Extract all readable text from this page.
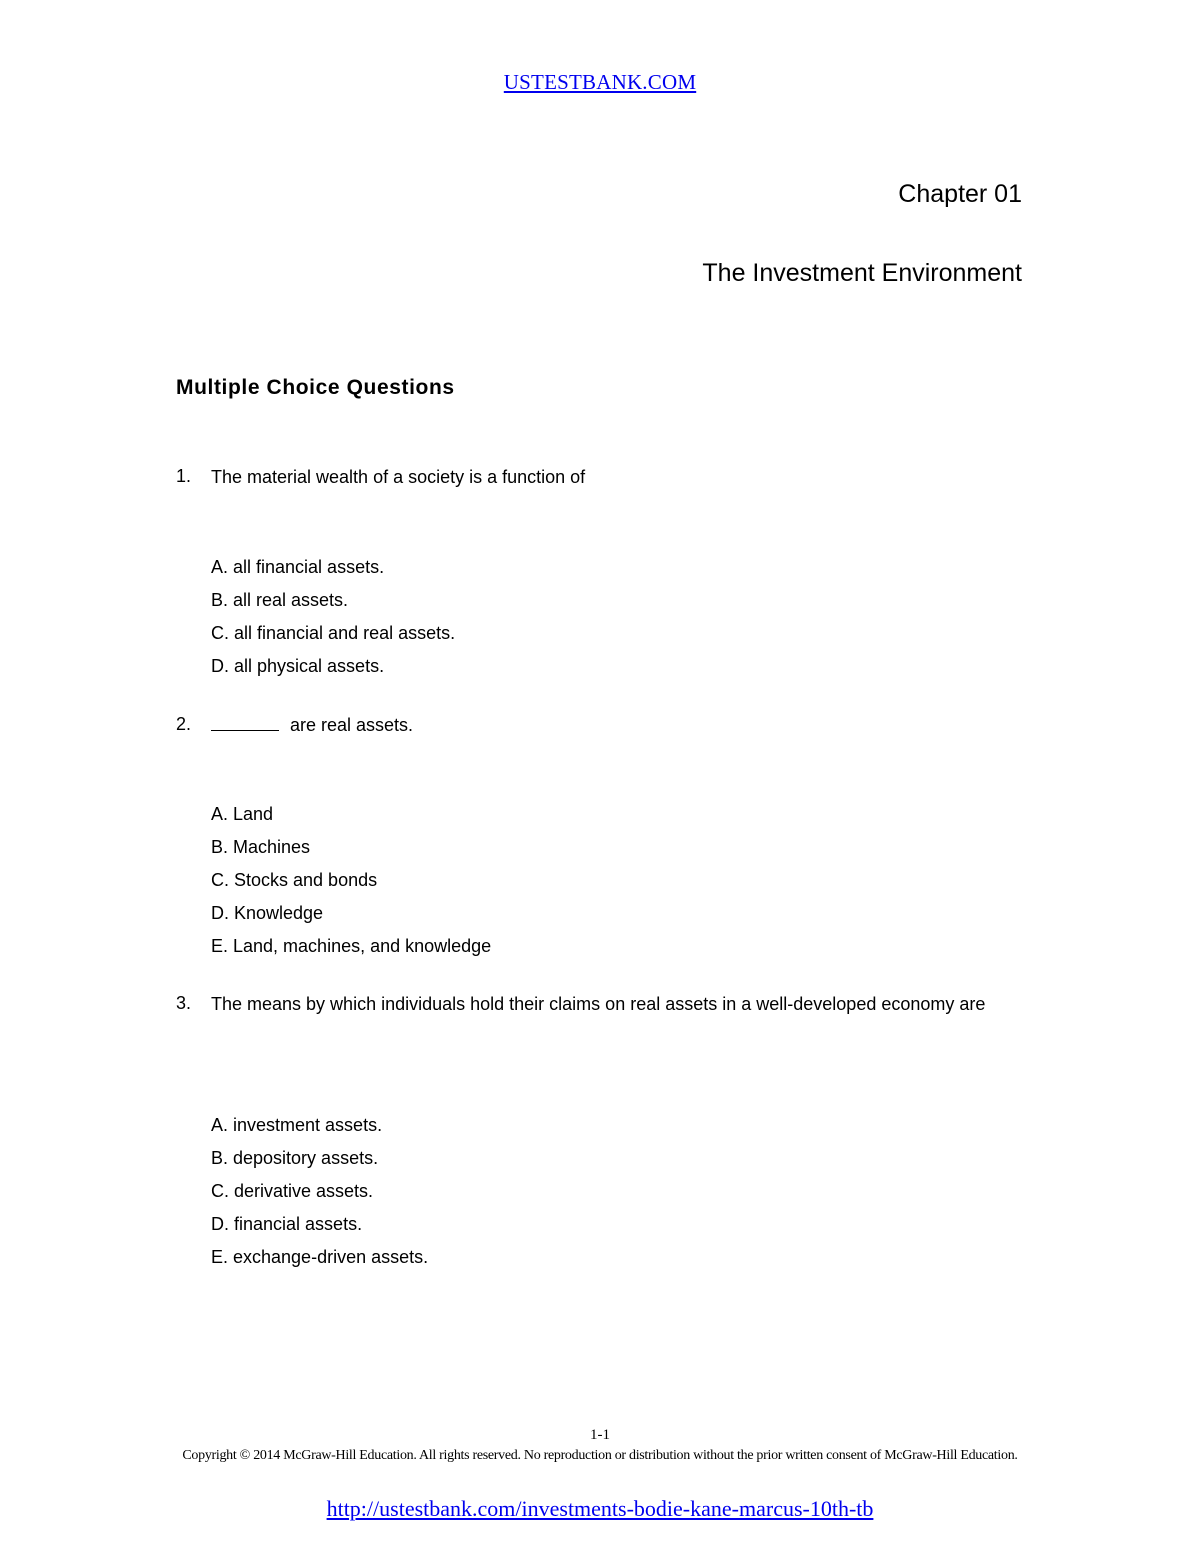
USTESTBANK.COM
Chapter 01
The Investment Environment
Multiple Choice Questions
1. The material wealth of a society is a function of
A. all financial assets.
B. all real assets.
C. all financial and real assets.
D. all physical assets.
2.	are real assets.
A. Land
B. Machines
C. Stocks and bonds
D. Knowledge
E. Land, machines, and knowledge
3. The means by which individuals hold their claims on real assets in a well-developed economy are
A. investment assets.
B. depository assets.
C. derivative assets.
D. financial assets.
E. exchange-driven assets.
1-1
Copyright © 2014 McGraw-Hill Education. All rights reserved. No reproduction or distribution without the prior written consent of McGraw-Hill Education.
http://ustestbank.com/investments-bodie-kane-marcus-10th-tb
